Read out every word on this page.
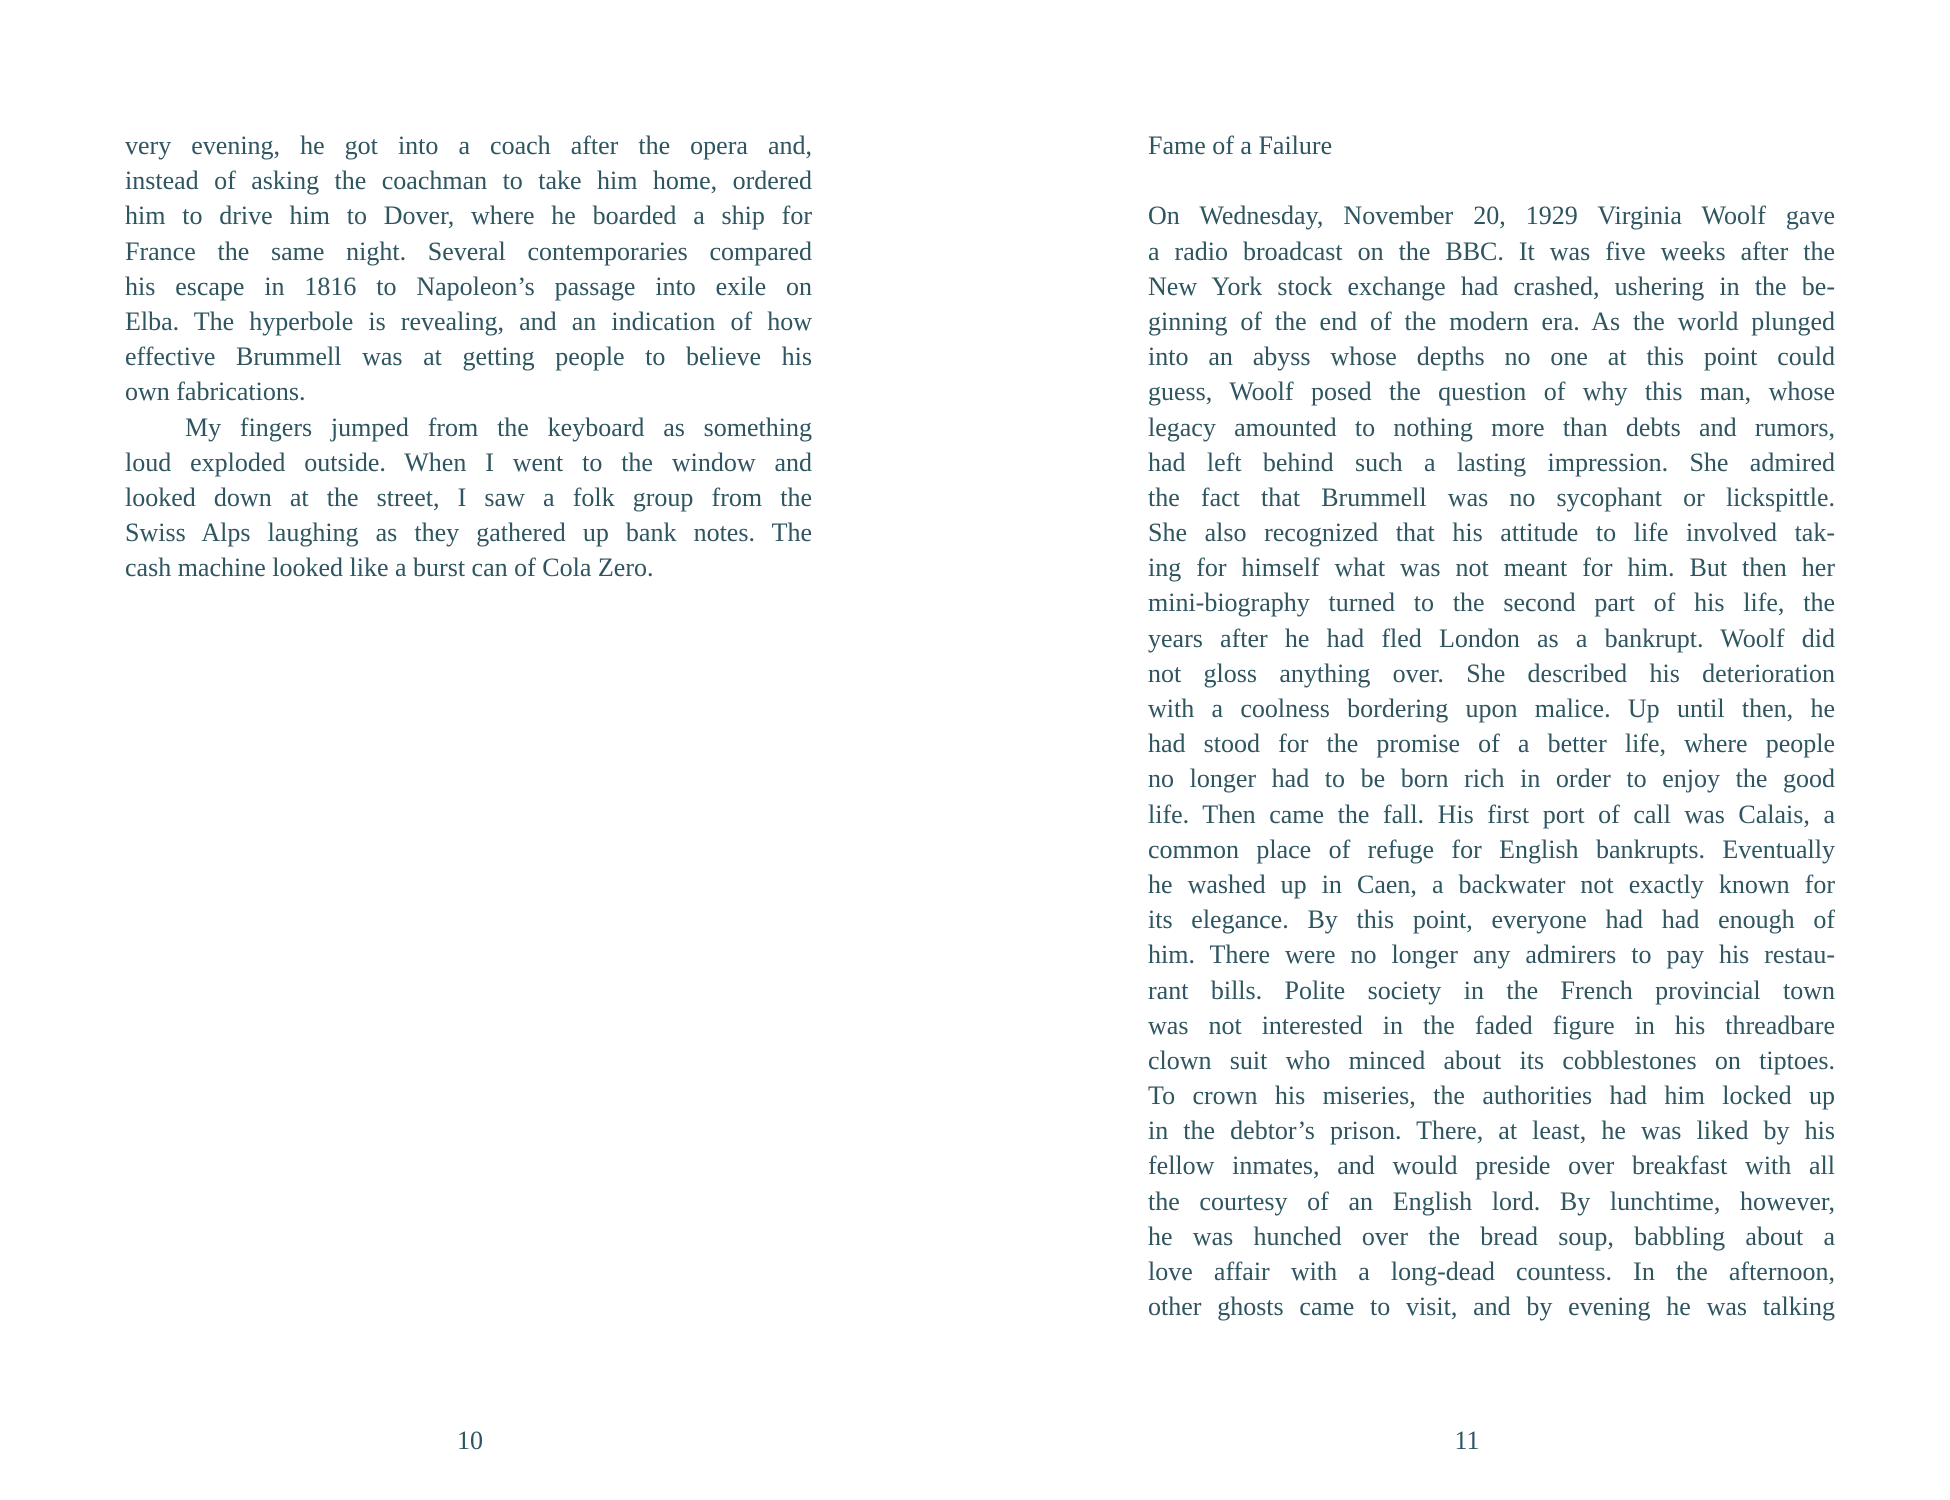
very evening, he got into a coach after the opera and,
instead of asking the coachman to take him home, ordered
him to drive him to Dover, where he boarded a ship for
France the same night. Several contemporaries compared
his escape in 1816 to Napoleon’s passage into exile on
Elba. The hyperbole is revealing, and an indication of how
effective Brummell was at getting people to believe his
own fabrications.
My fingers jumped from the keyboard as something
loud exploded outside. When I went to the window and
looked down at the street, I saw a folk group from the
Swiss Alps laughing as they gathered up bank notes. The
cash machine looked like a burst can of Cola Zero.
10
Fame of a Failure
On Wednesday, November 20, 1929 Virginia Woolf gave
a radio broadcast on the BBC. It was five weeks after the
New York stock exchange had crashed, ushering in the be-
ginning of the end of the modern era. As the world plunged
into an abyss whose depths no one at this point could
guess, Woolf posed the question of why this man, whose
legacy amounted to nothing more than debts and rumors,
had left behind such a lasting impression. She admired
the fact that Brummell was no sycophant or lickspittle.
She also recognized that his attitude to life involved tak-
ing for himself what was not meant for him. But then her
mini-biography turned to the second part of his life, the
years after he had fled London as a bankrupt. Woolf did
not gloss anything over. She described his deterioration
with a coolness bordering upon malice. Up until then, he
had stood for the promise of a better life, where people
no longer had to be born rich in order to enjoy the good
life. Then came the fall. His first port of call was Calais, a
common place of refuge for English bankrupts. Eventually
he washed up in Caen, a backwater not exactly known for
its elegance. By this point, everyone had had enough of
him. There were no longer any admirers to pay his restau-
rant bills. Polite society in the French provincial town
was not interested in the faded figure in his threadbare
clown suit who minced about its cobblestones on tiptoes.
To crown his miseries, the authorities had him locked up
in the debtor’s prison. There, at least, he was liked by his
fellow inmates, and would preside over breakfast with all
the courtesy of an English lord. By lunchtime, however,
he was hunched over the bread soup, babbling about a
love affair with a long-dead countess. In the afternoon,
other ghosts came to visit, and by evening he was talking
11
